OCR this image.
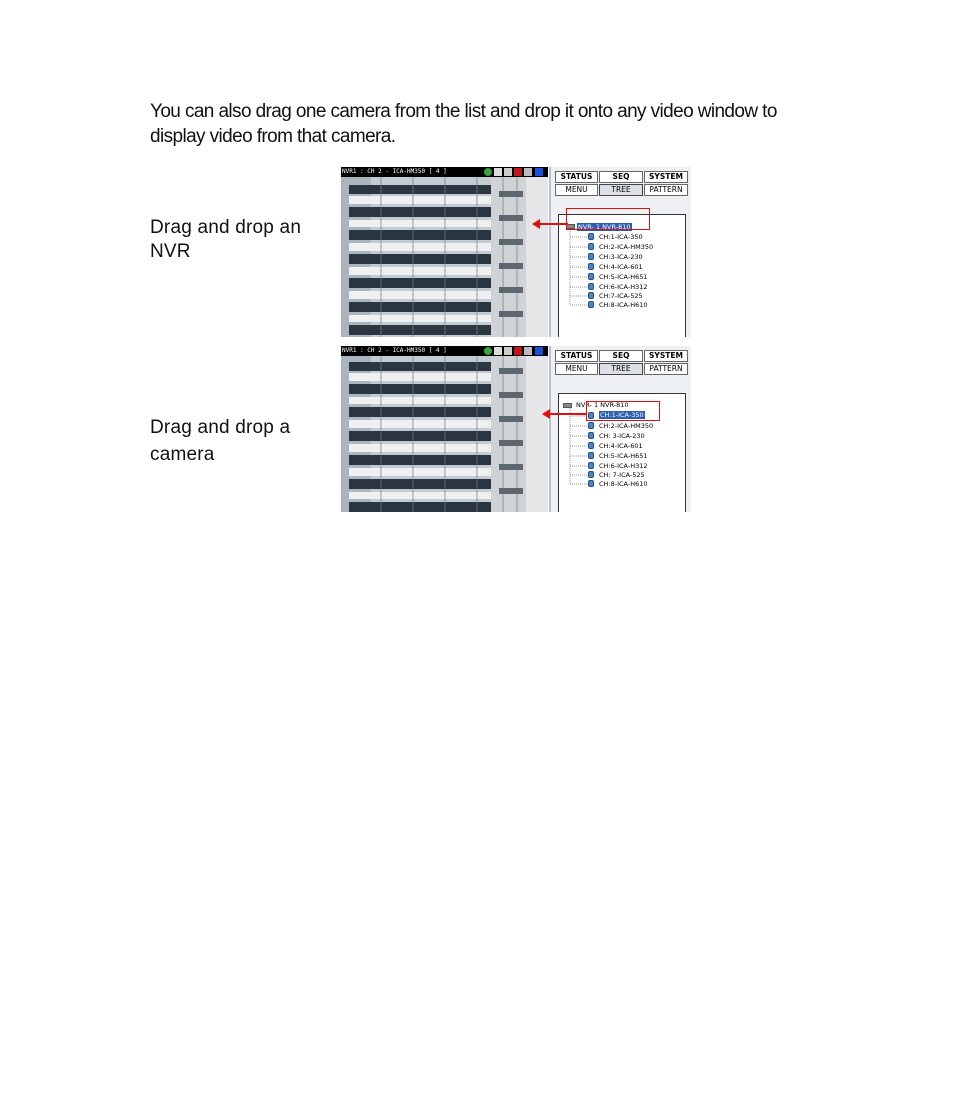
You can also drag one camera from the list and drop it onto any video window to display video from that camera.

Drag and drop an NVR

NVR1 : CH 2 - ICA-HM350 [ 4 ]
STATUS	SEQ	SYSTEM
MENU	TREE	PATTERN
NVR- 1 NVR-810
CH:1-ICA-350
CH:2-ICA-HM350
CH:3-ICA-230
CH:4-ICA-601
CH:5-ICA-H651
CH:6-ICA-H312
CH:7-ICA-525
CH:8-ICA-H610

Drag and drop a camera

NVR1 : CH 2 - ICA-HM350 [ 4 ]
STATUS	SEQ	SYSTEM
MENU	TREE	PATTERN
NVR- 1 NVR-810
CH:1-ICA-350
CH:2-ICA-HM350
CH: 3-ICA-230
CH:4-ICA-601
CH:5-ICA-H651
CH:6-ICA-H312
CH: 7-ICA-525
CH:8-ICA-H610
